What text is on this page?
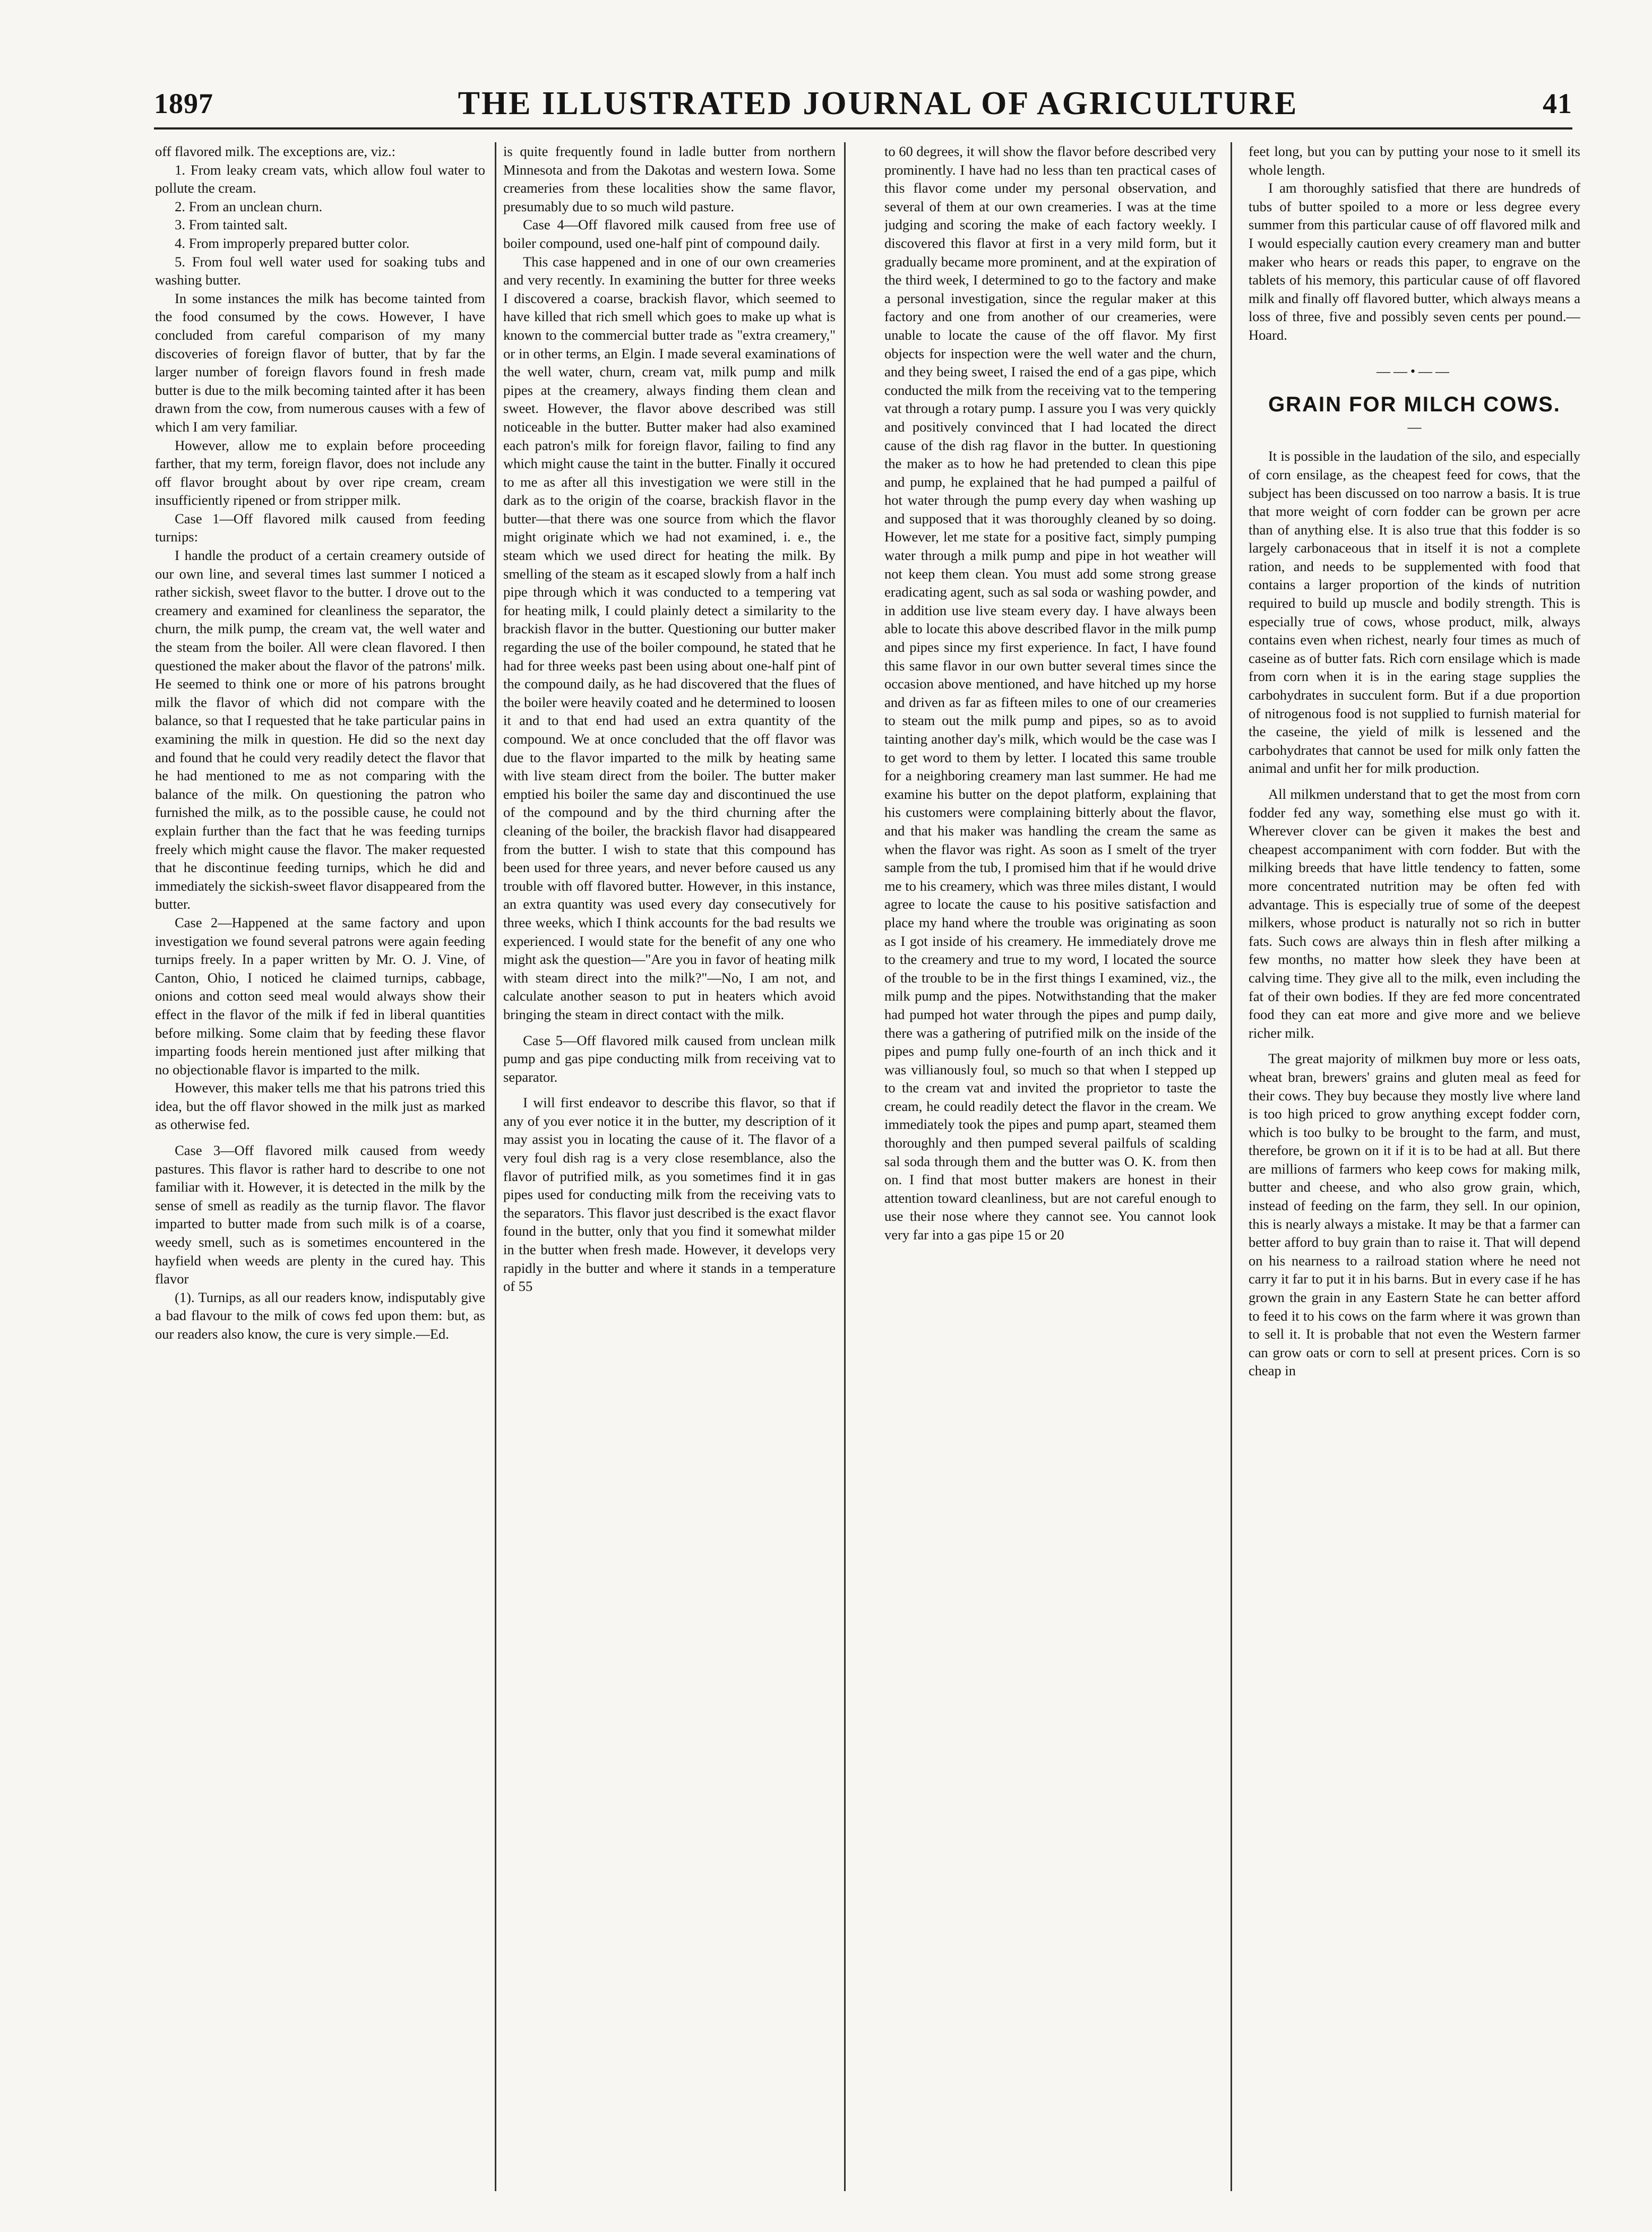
1897	THE ILLUSTRATED JOURNAL OF AGRICULTURE	41

off flavored milk. The exceptions are, viz.:

1. From leaky cream vats, which allow foul water to pollute the cream.

2. From an unclean churn.

3. From tainted salt.

4. From improperly prepared butter color.

5. From foul well water used for soaking tubs and washing butter.

In some instances the milk has become tainted from the food consumed by the cows. However, I have concluded from careful comparison of my many discoveries of foreign flavor of butter, that by far the larger number of foreign flavors found in fresh made butter is due to the milk becoming tainted after it has been drawn from the cow, from numerous causes with a few of which I am very familiar.

However, allow me to explain before proceeding farther, that my term, foreign flavor, does not include any off flavor brought about by over ripe cream, cream insufficiently ripened or from stripper milk.

Case 1—Off flavored milk caused from feeding turnips:

I handle the product of a certain creamery outside of our own line, and several times last summer I noticed a rather sickish, sweet flavor to the butter. I drove out to the creamery and examined for cleanliness the separator, the churn, the milk pump, the cream vat, the well water and the steam from the boiler. All were clean flavored. I then questioned the maker about the flavor of the patrons' milk. He seemed to think one or more of his patrons brought milk the flavor of which did not compare with the balance, so that I requested that he take particular pains in examining the milk in question. He did so the next day and found that he could very readily detect the flavor that he had mentioned to me as not comparing with the balance of the milk. On questioning the patron who furnished the milk, as to the possible cause, he could not explain further than the fact that he was feeding turnips freely which might cause the flavor. The maker requested that he discontinue feeding turnips, which he did and immediately the sickish-sweet flavor disappeared from the butter.

Case 2—Happened at the same factory and upon investigation we found several patrons were again feeding turnips freely. In a paper written by Mr. O. J. Vine, of Canton, Ohio, I noticed he claimed turnips, cabbage, onions and cotton seed meal would always show their effect in the flavor of the milk if fed in liberal quantities before milking. Some claim that by feeding these flavor imparting foods herein mentioned just after milking that no objectionable flavor is imparted to the milk.

However, this maker tells me that his patrons tried this idea, but the off flavor showed in the milk just as marked as otherwise fed.

Case 3—Off flavored milk caused from weedy pastures. This flavor is rather hard to describe to one not familiar with it. However, it is detected in the milk by the sense of smell as readily as the turnip flavor. The flavor imparted to butter made from such milk is of a coarse, weedy smell, such as is sometimes encountered in the hayfield when weeds are plenty in the cured hay. This flavor

(1). Turnips, as all our readers know, indisputably give a bad flavour to the milk of cows fed upon them: but, as our readers also know, the cure is very simple.—Ed.

is quite frequently found in ladle butter from northern Minnesota and from the Dakotas and western Iowa. Some creameries from these localities show the same flavor, presumably due to so much wild pasture.

Case 4—Off flavored milk caused from free use of boiler compound, used one-half pint of compound daily.

This case happened and in one of our own creameries and very recently. In examining the butter for three weeks I discovered a coarse, brackish flavor, which seemed to have killed that rich smell which goes to make up what is known to the commercial butter trade as "extra creamery," or in other terms, an Elgin. I made several examinations of the well water, churn, cream vat, milk pump and milk pipes at the creamery, always finding them clean and sweet. However, the flavor above described was still noticeable in the butter. Butter maker had also examined each patron's milk for foreign flavor, failing to find any which might cause the taint in the butter. Finally it occured to me as after all this investigation we were still in the dark as to the origin of the coarse, brackish flavor in the butter—that there was one source from which the flavor might originate which we had not examined, i. e., the steam which we used direct for heating the milk. By smelling of the steam as it escaped slowly from a half inch pipe through which it was conducted to a tempering vat for heating milk, I could plainly detect a similarity to the brackish flavor in the butter. Questioning our butter maker regarding the use of the boiler compound, he stated that he had for three weeks past been using about one-half pint of the compound daily, as he had discovered that the flues of the boiler were heavily coated and he determined to loosen it and to that end had used an extra quantity of the compound. We at once concluded that the off flavor was due to the flavor imparted to the milk by heating same with live steam direct from the boiler. The butter maker emptied his boiler the same day and discontinued the use of the compound and by the third churning after the cleaning of the boiler, the brackish flavor had disappeared from the butter. I wish to state that this compound has been used for three years, and never before caused us any trouble with off flavored butter. However, in this instance, an extra quantity was used every day consecutively for three weeks, which I think accounts for the bad results we experienced. I would state for the benefit of any one who might ask the question—"Are you in favor of heating milk with steam direct into the milk?"—No, I am not, and calculate another season to put in heaters which avoid bringing the steam in direct contact with the milk.

Case 5—Off flavored milk caused from unclean milk pump and gas pipe conducting milk from receiving vat to separator.

I will first endeavor to describe this flavor, so that if any of you ever notice it in the butter, my description of it may assist you in locating the cause of it. The flavor of a very foul dish rag is a very close resemblance, also the flavor of putrified milk, as you sometimes find it in gas pipes used for conducting milk from the receiving vats to the separators. This flavor just described is the exact flavor found in the butter, only that you find it somewhat milder in the butter when fresh made. However, it develops very rapidly in the butter and where it stands in a temperature of 55

to 60 degrees, it will show the flavor before described very prominently. I have had no less than ten practical cases of this flavor come under my personal observation, and several of them at our own creameries. I was at the time judging and scoring the make of each factory weekly. I discovered this flavor at first in a very mild form, but it gradually became more prominent, and at the expiration of the third week, I determined to go to the factory and make a personal investigation, since the regular maker at this factory and one from another of our creameries, were unable to locate the cause of the off flavor. My first objects for inspection were the well water and the churn, and they being sweet, I raised the end of a gas pipe, which conducted the milk from the receiving vat to the tempering vat through a rotary pump. I assure you I was very quickly and positively convinced that I had located the direct cause of the dish rag flavor in the butter. In questioning the maker as to how he had pretended to clean this pipe and pump, he explained that he had pumped a pailful of hot water through the pump every day when washing up and supposed that it was thoroughly cleaned by so doing. However, let me state for a positive fact, simply pumping water through a milk pump and pipe in hot weather will not keep them clean. You must add some strong grease eradicating agent, such as sal soda or washing powder, and in addition use live steam every day. I have always been able to locate this above described flavor in the milk pump and pipes since my first experience. In fact, I have found this same flavor in our own butter several times since the occasion above mentioned, and have hitched up my horse and driven as far as fifteen miles to one of our creameries to steam out the milk pump and pipes, so as to avoid tainting another day's milk, which would be the case was I to get word to them by letter. I located this same trouble for a neighboring creamery man last summer. He had me examine his butter on the depot platform, explaining that his customers were complaining bitterly about the flavor, and that his maker was handling the cream the same as when the flavor was right. As soon as I smelt of the tryer sample from the tub, I promised him that if he would drive me to his creamery, which was three miles distant, I would agree to locate the cause to his positive satisfaction and place my hand where the trouble was originating as soon as I got inside of his creamery. He immediately drove me to the creamery and true to my word, I located the source of the trouble to be in the first things I examined, viz., the milk pump and the pipes. Notwithstanding that the maker had pumped hot water through the pipes and pump daily, there was a gathering of putrified milk on the inside of the pipes and pump fully one-fourth of an inch thick and it was villianously foul, so much so that when I stepped up to the cream vat and invited the proprietor to taste the cream, he could readily detect the flavor in the cream. We immediately took the pipes and pump apart, steamed them thoroughly and then pumped several pailfuls of scalding sal soda through them and the butter was O. K. from then on. I find that most butter makers are honest in their attention toward cleanliness, but are not careful enough to use their nose where they cannot see. You cannot look very far into a gas pipe 15 or 20

feet long, but you can by putting your nose to it smell its whole length.

I am thoroughly satisfied that there are hundreds of tubs of butter spoiled to a more or less degree every summer from this particular cause of off flavored milk and I would especially caution every creamery man and butter maker who hears or reads this paper, to engrave on the tablets of his memory, this particular cause of off flavored milk and finally off flavored butter, which always means a loss of three, five and possibly seven cents per pound.—Hoard.

——•——
GRAIN FOR MILCH COWS.
—

It is possible in the laudation of the silo, and especially of corn ensilage, as the cheapest feed for cows, that the subject has been discussed on too narrow a basis. It is true that more weight of corn fodder can be grown per acre than of anything else. It is also true that this fodder is so largely carbonaceous that in itself it is not a complete ration, and needs to be supplemented with food that contains a larger proportion of the kinds of nutrition required to build up muscle and bodily strength. This is especially true of cows, whose product, milk, always contains even when richest, nearly four times as much of caseine as of butter fats. Rich corn ensilage which is made from corn when it is in the earing stage supplies the carbohydrates in succulent form. But if a due proportion of nitrogenous food is not supplied to furnish material for the caseine, the yield of milk is lessened and the carbohydrates that cannot be used for milk only fatten the animal and unfit her for milk production.

All milkmen understand that to get the most from corn fodder fed any way, something else must go with it. Wherever clover can be given it makes the best and cheapest accompaniment with corn fodder. But with the milking breeds that have little tendency to fatten, some more concentrated nutrition may be often fed with advantage. This is especially true of some of the deepest milkers, whose product is naturally not so rich in butter fats. Such cows are always thin in flesh after milking a few months, no matter how sleek they have been at calving time. They give all to the milk, even including the fat of their own bodies. If they are fed more concentrated food they can eat more and give more and we believe richer milk.

The great majority of milkmen buy more or less oats, wheat bran, brewers' grains and gluten meal as feed for their cows. They buy because they mostly live where land is too high priced to grow anything except fodder corn, which is too bulky to be brought to the farm, and must, therefore, be grown on it if it is to be had at all. But there are millions of farmers who keep cows for making milk, butter and cheese, and who also grow grain, which, instead of feeding on the farm, they sell. In our opinion, this is nearly always a mistake. It may be that a farmer can better afford to buy grain than to raise it. That will depend on his nearness to a railroad station where he need not carry it far to put it in his barns. But in every case if he has grown the grain in any Eastern State he can better afford to feed it to his cows on the farm where it was grown than to sell it. It is probable that not even the Western farmer can grow oats or corn to sell at present prices. Corn is so cheap in
